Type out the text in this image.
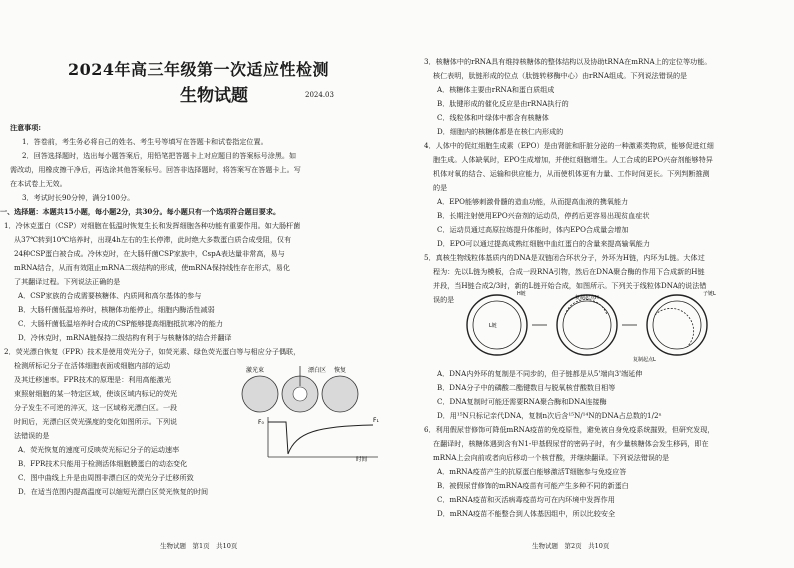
2024年高三年级第一次适应性检测
生物试题	2024.03
注意事项:
1．答卷前，考生务必将自己的姓名、考生号等填写在答题卡和试卷指定位置。
2．回答选择题时，选出每小题答案后，用铅笔把答题卡上对应题目的答案标号涂黑。如
需改动，用橡皮擦干净后，再选涂其他答案标号。回答非选择题时，将答案写在答题卡上。写
在本试卷上无效。
3．考试时长90分钟，满分100分。
一、选择题：本题共15小题，每小题2分，共30分。每小题只有一个选项符合题目要求。
1．冷休克蛋白（CSP）对细胞在低温时恢复生长和发挥细胞各种功能有重要作用。如大肠杆菌
从37℃转到10℃培养时，出现4h左右的生长停滞，此时绝大多数蛋白质合成受阻，仅有
24种CSP蛋白被合成。冷休克时，在大肠杆菌CSP家族中，CspA表达量非常高，易与
mRNA结合，从而有效阻止mRNA二级结构的形成，使mRNA保持线性存在形式，易化
了其翻译过程。下列说法正确的是
A．CSP家族的合成需要核糖体、内质网和高尔基体的参与
B．大肠杆菌低温培养时，核糖体功能停止，细胞内酶活性减弱
C．大肠杆菌低温培养时合成的CSP能够提高细胞抵抗寒冷的能力
D．冷休克时，mRNA链保持二级结构有利于与核糖体的结合并翻译
2．荧光漂白恢复（FPR）技术是使用荧光分子，如荧光素、绿色荧光蛋白等与相应分子偶联，
检测所标记分子在活体细胞表面或细胞内部的运动
及其迁移速率。FPR技术的原理是：利用高能激光
束照射细胞的某一特定区域，使该区域内标记的荧光
分子发生不可逆的淬灭，这一区域称光漂白区。一段
时间后，光漂白区荧光强度的变化如图所示。下列说
法错误的是
A．荧光恢复的速度可反映荧光标记分子的运动速率
B．FPR技术只能用于检测活体细胞膜蛋白的动态变化
C．图中曲线上升是由周围非漂白区的荧光分子迁移所致
D．在适当范围内提高温度可以缩短光漂白区荧光恢复的时间
激光束	漂白区 恢复
F₀	F₁
时间
生物试题　第1页　共10页
3．核糖体中的rRNA具有维持核糖体的整体结构以及协助tRNA在mRNA上的定位等功能。
核仁表明，肽链形成的位点（肽链转移酶中心）由rRNA组成。下列说法错误的是
A．核糖体主要由rRNA和蛋白质组成
B．肽键形成的催化反应是由rRNA执行的
C．线粒体和叶绿体中都含有核糖体
D．细胞内的核糖体都是在核仁内形成的
4．人体中的促红细胞生成素（EPO）是由肾脏和肝脏分泌的一种激素类物质，能够促进红细
胞生成。人体缺氧时，EPO生成增加，并使红细胞增生。人工合成的EPO兴奋剂能够特异
机体对氧的结合、运输和供应能力，从而使机体更有力量、工作时间更长。下列判断推测
的是
A．EPO能够刺激骨髓的造血功能，从而提高血液的携氧能力
B．长期注射使用EPO兴奋剂的运动员，停药后更容易出现贫血症状
C．运动员通过高原拉练提升体能时，体内EPO合成量会增加
D．EPO可以通过提高成熟红细胞中血红蛋白的含量来提高输氧能力
5．真核生物线粒体基质内的DNA是双链闭合环状分子，外环为H链，内环为L链。大体过
程为：先以L链为模板，合成一段RNA引物，然后在DNA聚合酶的作用下合成新的H链
并段，当H链合成2/3时，新的L链开始合成，如图所示。下列关于线粒体DNA的说法错
误的是
L链
复制起点H
子链L
复制起点L
H链
A．DNA内外环的复制是不同步的，但子链都是从5'端向3'端延伸
B．DNA分子中的磷酸二酯键数目与脱氧核苷酸数目相等
C．DNA复制时可能还需要RNA聚合酶和DNA连接酶
D．用¹⁵N只标记亲代DNA，复制n次后含¹⁵N/¹⁴N的DNA占总数的1/2ⁿ
6．利用假尿苷修饰可降低mRNA疫苗的免疫原性，避免被自身免疫系统摧毁，但研究发现，
在翻译时，核糖体遇到含有N1-甲基假尿苷的密码子时，有少量核糖体会发生移码，即在
mRNA上会向前或者向后移动一个核苷酸，并继续翻译。下列说法错误的是
A．mRNA疫苗产生的抗原蛋白能够激活T细胞参与免疫应答
B．被假尿苷修饰的mRNA疫苗有可能产生多种不同的新蛋白
C．mRNA疫苗和灭活病毒疫苗均可在内环境中发挥作用
D．mRNA疫苗不能整合到人体基因组中，所以比较安全
生物试题　第2页　共10页
